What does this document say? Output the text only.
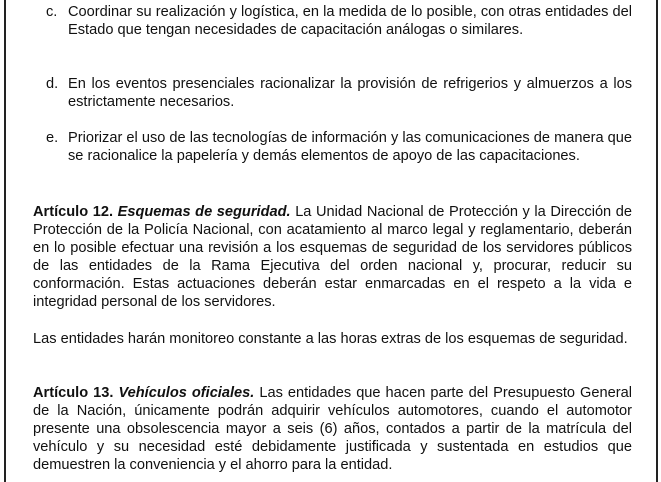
c. Coordinar su realización y logística, en la medida de lo posible, con otras entidades del Estado que tengan necesidades de capacitación análogas o similares.
d. En los eventos presenciales racionalizar la provisión de refrigerios y almuerzos a los estrictamente necesarios.
e. Priorizar el uso de las tecnologías de información y las comunicaciones de manera que se racionalice la papelería y demás elementos de apoyo de las capacitaciones.
Artículo 12. Esquemas de seguridad. La Unidad Nacional de Protección y la Dirección de Protección de la Policía Nacional, con acatamiento al marco legal y reglamentario, deberán en lo posible efectuar una revisión a los esquemas de seguridad de los servidores públicos de las entidades de la Rama Ejecutiva del orden nacional y, procurar, reducir su conformación. Estas actuaciones deberán estar enmarcadas en el respeto a la vida e integridad personal de los servidores.
Las entidades harán monitoreo constante a las horas extras de los esquemas de seguridad.
Artículo 13. Vehículos oficiales. Las entidades que hacen parte del Presupuesto General de la Nación, únicamente podrán adquirir vehículos automotores, cuando el automotor presente una obsolescencia mayor a seis (6) años, contados a partir de la matrícula del vehículo y su necesidad esté debidamente justificada y sustentada en estudios que demuestren la conveniencia y el ahorro para la entidad.
